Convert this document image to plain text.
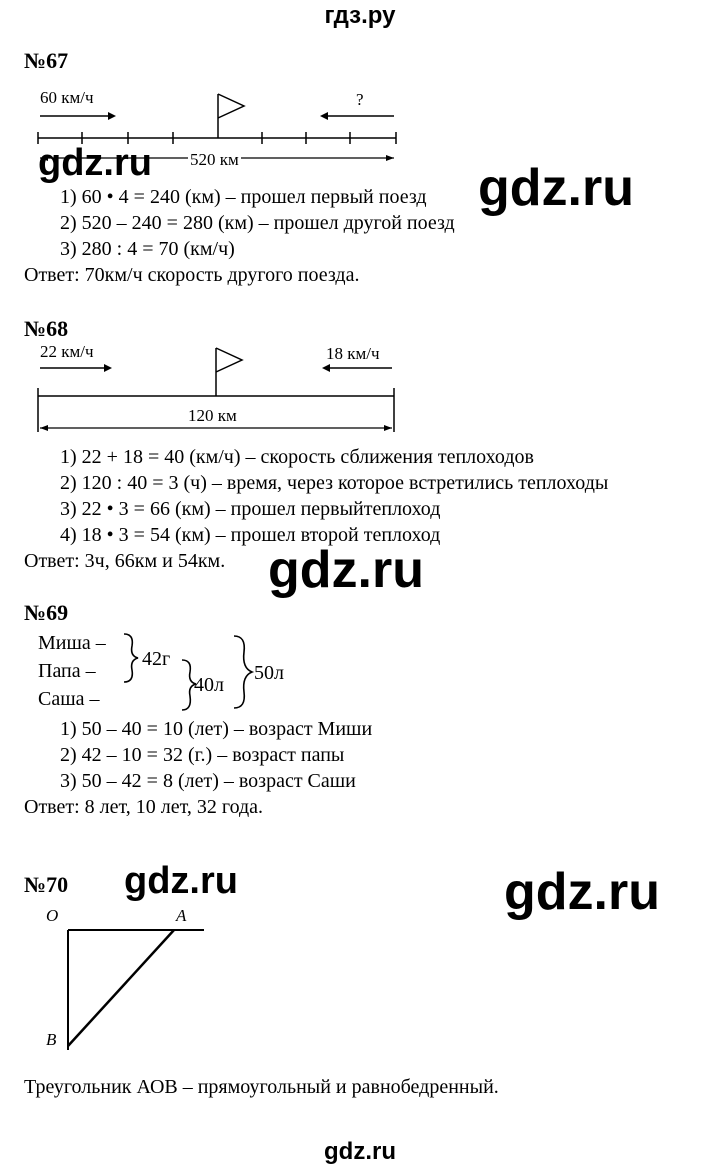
гдз.ру
№67
60 км/ч	?
520 км
gdz.ru	gdz.ru
1) 60 • 4 = 240 (км) – прошел первый поезд
2) 520 – 240 = 280 (км) – прошел другой поезд
3) 280 : 4 = 70 (км/ч)
Ответ: 70км/ч скорость другого поезда.
№68
22 км/ч	18 км/ч
120 км
1) 22 + 18 = 40 (км/ч) – скорость сближения теплоходов
2) 120 : 40 = 3 (ч) – время, через которое встретились теплоходы
3) 22 • 3 = 66 (км) – прошел первыйтеплоход
4) 18 • 3 = 54 (км) – прошел второй теплоход
Ответ: 3ч, 66км и 54км. gdz.ru
№69
Миша –
Папа –
Саша –
42г
40л
50л
1) 50 – 40 = 10 (лет) – возраст Миши
2) 42 – 10 = 32 (г.) – возраст папы
3) 50 – 42 = 8 (лет) – возраст Саши
Ответ: 8 лет, 10 лет, 32 года.
№70 gdz.ru	gdz.ru
O	A
B
Треугольник АОВ – прямоугольный и равнобедренный.
gdz.ru
